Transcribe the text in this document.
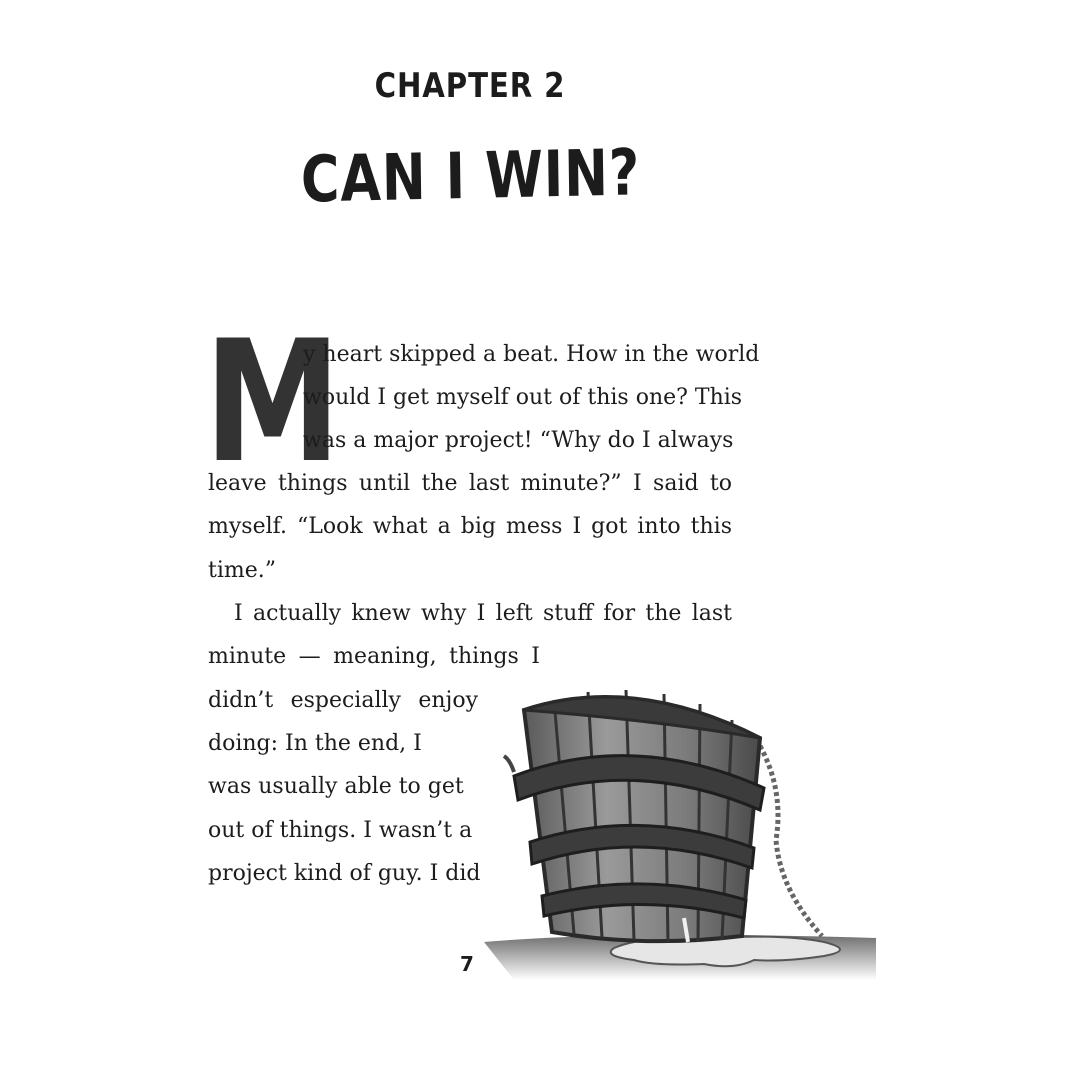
CHAPTER 2
CAN I WIN?
M
y heart skipped a beat. How in the world
would I get myself out of this one? This
was a major project! “Why do I always
leave things until the last minute?” I said to
myself. “Look what a big mess I got into this
time.”
I actually knew why I left stuff for the last
minute — meaning, things I
didn’t especially enjoy
doing: In the end, I
was usually able to get
out of things. I wasn’t a
project kind of guy. I did
7
